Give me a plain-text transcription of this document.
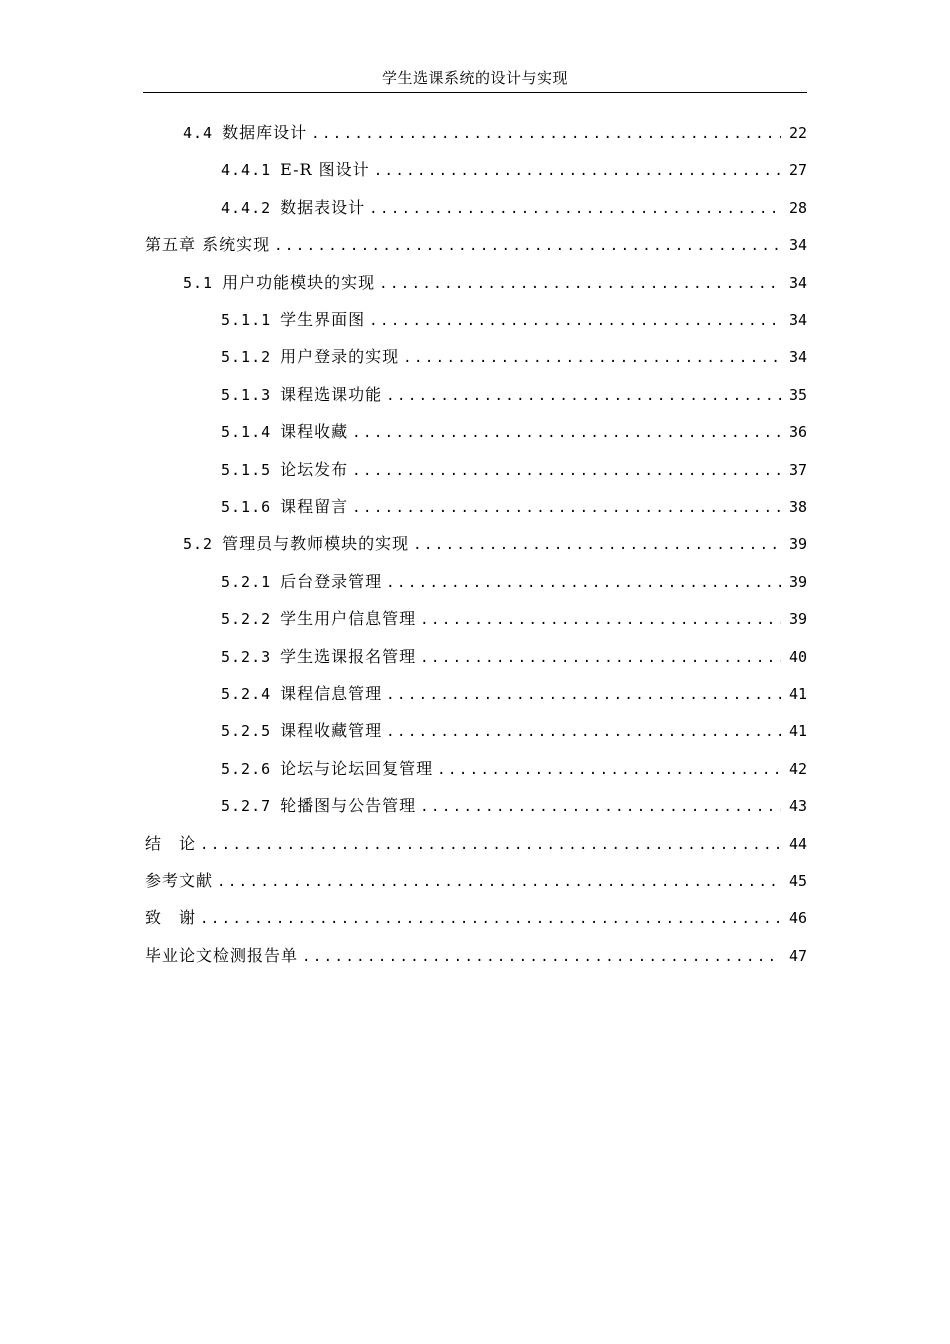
学生选课系统的设计与实现
4.4 数据库设计 .....	22
4.4.1 E-R 图设计 .....	27
4.4.2 数据表设计 .....	28
第五章 系统实现 .....	34
5.1 用户功能模块的实现 .....	34
5.1.1 学生界面图 .....	34
5.1.2 用户登录的实现 .....	34
5.1.3 课程选课功能 .....	35
5.1.4 课程收藏 .....	36
5.1.5 论坛发布 .....	37
5.1.6 课程留言 .....	38
5.2 管理员与教师模块的实现 .....	39
5.2.1 后台登录管理 .....	39
5.2.2 学生用户信息管理 .....	39
5.2.3 学生选课报名管理 .....	40
5.2.4 课程信息管理 .....	41
5.2.5 课程收藏管理 .....	41
5.2.6 论坛与论坛回复管理 .....	42
5.2.7 轮播图与公告管理 .....	43
结　论 .....	44
参考文献 .....	45
致　谢 .....	46
毕业论文检测报告单 .....	47
